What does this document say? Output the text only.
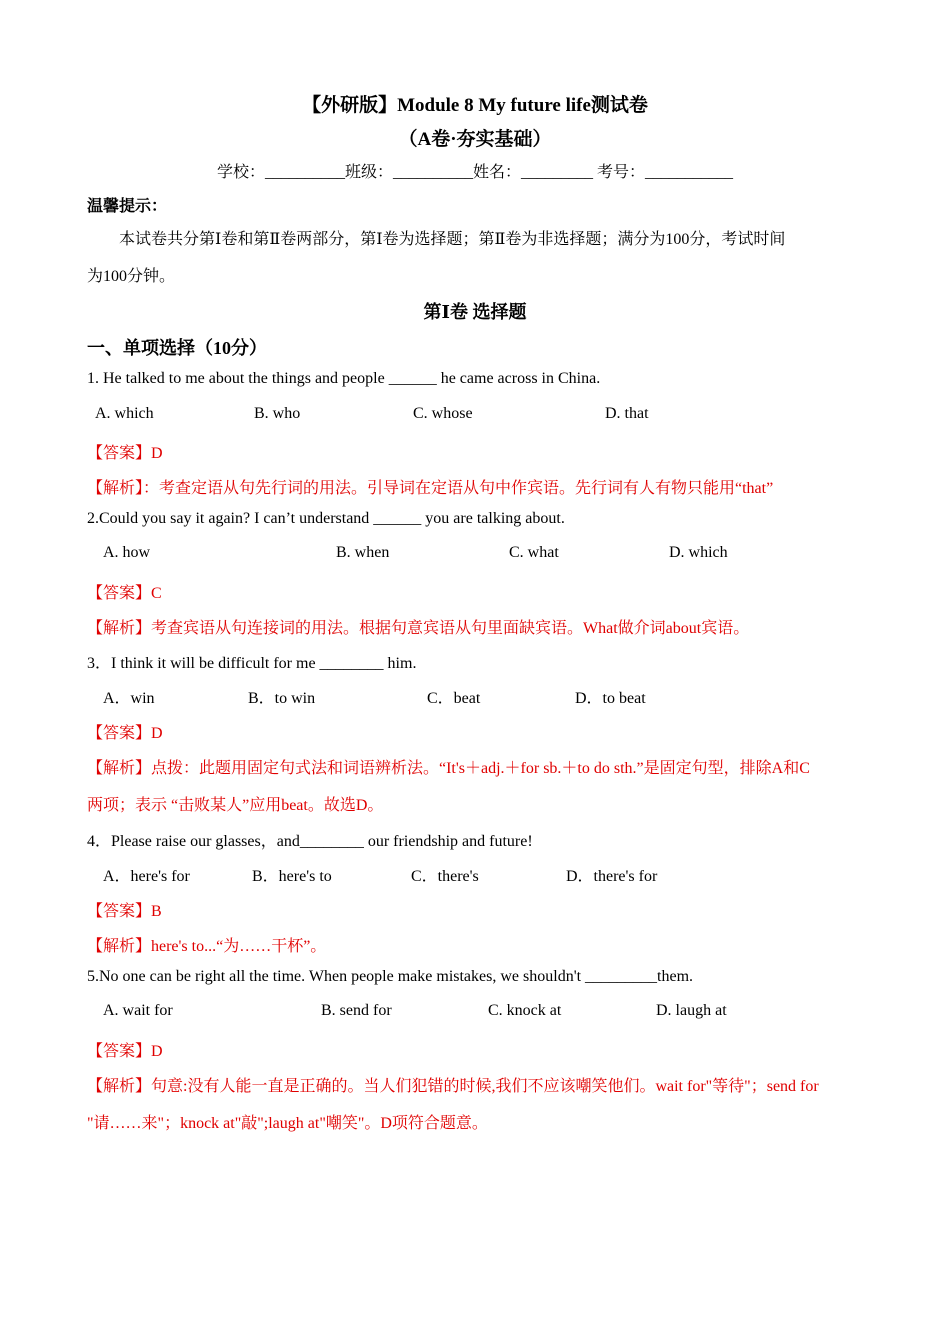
【外研版】Module 8 My future life测试卷
（A卷·夯实基础）
学校：__________班级：__________姓名：_________ 考号：___________
温馨提示：
本试卷共分第Ⅰ卷和第Ⅱ卷两部分，第Ⅰ卷为选择题；第Ⅱ卷为非选择题；满分为100分，考试时间
为100分钟。
第Ⅰ卷 选择题
一、单项选择（10分）
1. He talked to me about the things and people ______ he came across in China.
A. which	B. who	C. whose	D. that
【答案】D
【解析】：考查定语从句先行词的用法。引导词在定语从句中作宾语。先行词有人有物只能用“that”
2.Could you say it again? I can’t understand ______ you are talking about.
A. how	B. when	C. what	D. which
【答案】C
【解析】考查宾语从句连接词的用法。根据句意宾语从句里面缺宾语。What做介词about宾语。
3．I think it will be difficult for me ________ him.
A．win	B．to win	C．beat	D．to beat
【答案】D
【解析】点拨：此题用固定句式法和词语辨析法。“It's＋adj.＋for sb.＋to do sth.”是固定句型，排除A和C
两项；表示 “击败某人”应用beat。故选D。
4．Please raise our glasses，and________ our friendship and future!
A．here's for	B．here's to	C．there's	D．there's for
【答案】B
【解析】here's to...“为……干杯”。
5.No one can be right all the time. When people make mistakes, we shouldn't _________them.
A. wait for	B. send for	C. knock at	D. laugh at
【答案】D
【解析】句意:没有人能一直是正确的。当人们犯错的时候,我们不应该嘲笑他们。wait for"等待"；send for
"请……来"；knock at"敲";laugh at"嘲笑"。D项符合题意。
